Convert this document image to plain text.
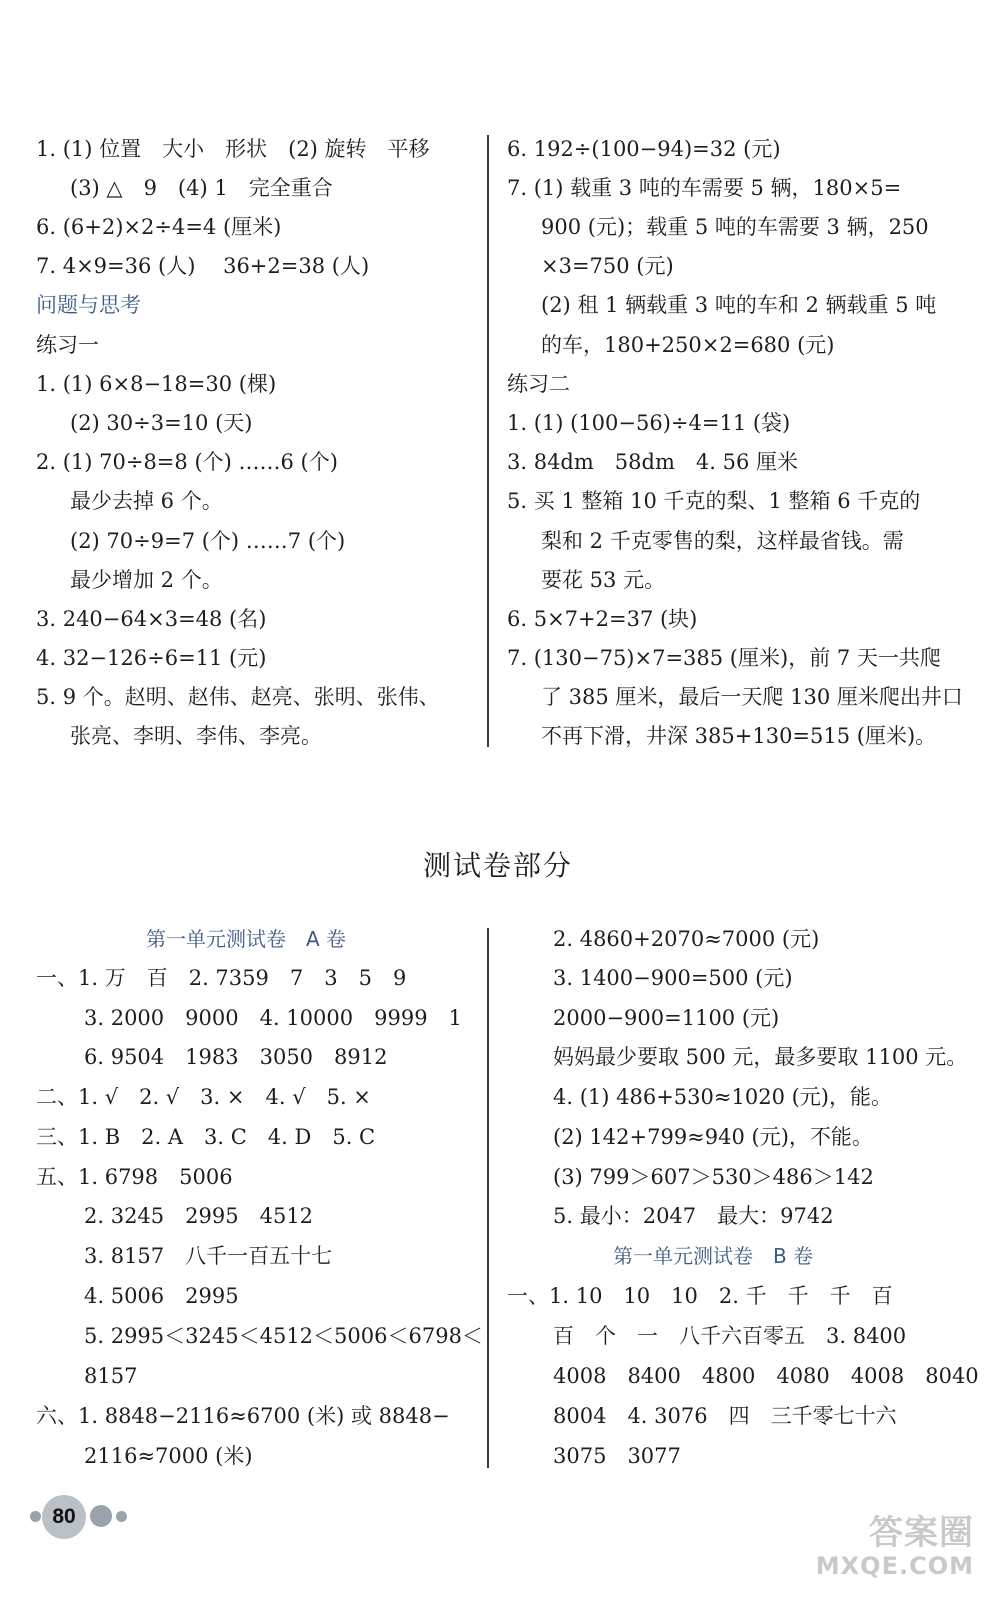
1. (1) 位置　大小　形状　(2) 旋转　平移
(3) △　9　(4) 1　完全重合
6. (6+2)×2÷4=4 (厘米)
7. 4×9=36 (人)　 36+2=38 (人)
问题与思考
练习一
1. (1) 6×8−18=30 (棵)
(2) 30÷3=10 (天)
2. (1) 70÷8=8 (个) ……6 (个)
最少去掉 6 个。
(2) 70÷9=7 (个) ……7 (个)
最少增加 2 个。
3. 240−64×3=48 (名)
4. 32−126÷6=11 (元)
5. 9 个。赵明、赵伟、赵亮、张明、张伟、
张亮、李明、李伟、李亮。
6. 192÷(100−94)=32 (元)
7. (1) 载重 3 吨的车需要 5 辆，180×5=
900 (元)；载重 5 吨的车需要 3 辆，250
×3=750 (元)
(2) 租 1 辆载重 3 吨的车和 2 辆载重 5 吨
的车，180+250×2=680 (元)
练习二
1. (1) (100−56)÷4=11 (袋)
3. 84dm　58dm　4. 56 厘米
5. 买 1 整箱 10 千克的梨、1 整箱 6 千克的
梨和 2 千克零售的梨，这样最省钱。需
要花 53 元。
6. 5×7+2=37 (块)
7. (130−75)×7=385 (厘米)，前 7 天一共爬
了 385 厘米，最后一天爬 130 厘米爬出井口
不再下滑，井深 385+130=515 (厘米)。
测试卷部分
第一单元测试卷　A 卷
一、1. 万　百　2. 7359　7　3　5　9
3. 2000　9000　4. 10000　9999　1
6. 9504　1983　3050　8912
二、1. √　2. √　3. ×　4. √　5. ×
三、1. B　2. A　3. C　4. D　5. C
五、1. 6798　5006
2. 3245　2995　4512
3. 8157　八千一百五十七
4. 5006　2995
5. 2995＜3245＜4512＜5006＜6798＜
8157
六、1. 8848−2116≈6700 (米) 或 8848−
2116≈7000 (米)
2. 4860+2070≈7000 (元)
3. 1400−900=500 (元)
2000−900=1100 (元)
妈妈最少要取 500 元，最多要取 1100 元。
4. (1) 486+530≈1020 (元)，能。
(2) 142+799≈940 (元)，不能。
(3) 799＞607＞530＞486＞142
5. 最小：2047　最大：9742
第一单元测试卷　B 卷
一、1. 10　10　10　2. 千　千　千　百
百　个　一　八千六百零五　3. 8400
4008　8400　4800　4080　4008　8040
8004　4. 3076　四　三千零七十六
3075　3077
80	答案圈
MXQE.COM
